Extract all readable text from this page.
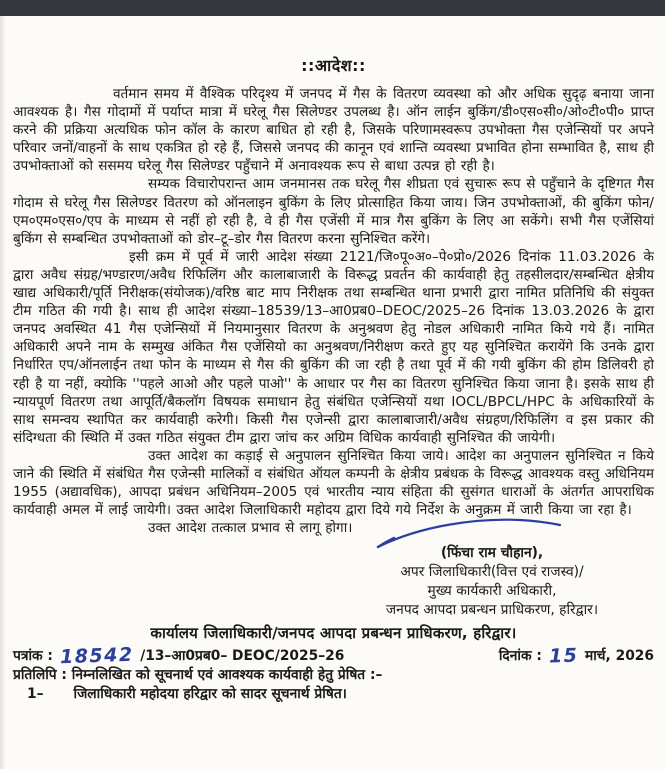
::आदेश::

वर्तमान समय में वैश्विक परिदृश्य में जनपद में गैस के वितरण व्यवस्था को और अधिक सुदृढ़ बनाया जाना आवश्यक है। गैस गोदामों में पर्याप्त मात्रा में घरेलू गैस सिलेण्डर उपलब्ध है। ऑन लाईन बुकिंग/डी०एस०सी०/ओ०टी०पी० प्राप्त करने की प्रक्रिया अत्यधिक फोन कॉल के कारण बाधित हो रही है, जिसके परिणामस्वरूप उपभोक्ता गैस एजेन्सियों पर अपने परिवार जनों/वाहनों के साथ एकत्रित हो रहे हैं, जिससे जनपद की कानून एवं शान्ति व्यवस्था प्रभावित होना सम्भावित है, साथ ही उपभोक्ताओं को ससमय घरेलू गैस सिलेण्डर पहुँचाने में अनावश्यक रूप से बाधा उत्पन्न हो रही है।

सम्यक विचारोपरान्त आम जनमानस तक घरेलू गैस शीघ्रता एवं सुचारू रूप से पहुँचाने के दृष्टिगत गैस गोदाम से घरेलू गैस सिलेण्डर वितरण को ऑनलाइन बुकिंग के लिए प्रोत्साहित किया जाय। जिन उपभोक्ताओं, की बुकिंग फोन/एम०एम०एस०/एप के माध्यम से नहीं हो रही है, वे ही गैस एजेंसी में मात्र गैस बुकिंग के लिए आ सकेंगे। सभी गैस एजेंसियां बुकिंग से सम्बन्धित उपभोक्ताओं को डोर–टू–डोर गैस वितरण करना सुनिश्चित करेंगे।

इसी क्रम में पूर्व में जारी आदेश संख्या 2121/जि०पू०अ०–पे०प्रो०/2026 दिनांक 11.03.2026 के द्वारा अवैध संग्रह/भण्डारण/अवैध रिफिलिंग और कालाबाजारी के विरूद्ध प्रवर्तन की कार्यवाही हेतु तहसीलदार/सम्बन्धित क्षेत्रीय खाद्य अधिकारी/पूर्ति निरीक्षक(संयोजक)/वरिष्ठ बाट माप निरीक्षक तथा सम्बन्धित थाना प्रभारी द्वारा नामित प्रतिनिधि की संयुक्त टीम गठित की गयी है। साथ ही आदेश संख्या–18539/13–आ0प्रब0–DEOC/2025–26 दिनांक 13.03.2026 के द्वारा जनपद अवस्थित 41 गैस एजेन्सियों में नियमानुसार वितरण के अनुश्रवण हेतु नोडल अधिकारी नामित किये गये हैं। नामित अधिकारी अपने नाम के सम्मुख अंकित गैस एजेंसियो का अनुश्रवण/निरीक्षण करते हुए यह सुनिश्चित करायेंगे कि उनके द्वारा निर्धारित एप/ऑनलाईन तथा फोन के माध्यम से गैस की बुकिंग की जा रही है तथा पूर्व में की गयी बुकिंग की होम डिलिवरी हो रही है या नहीं, क्योकि ''पहले आओ और पहले पाओ'' के आधार पर गैस का वितरण सुनिश्चित किया जाना है। इसके साथ ही न्यायपूर्ण वितरण तथा आपूर्ति/बैकलॉग विषयक समाधान हेतु संबंधित एजेन्सियों यथा IOCL/BPCL/HPC के अधिकारियों के साथ समन्वय स्थापित कर कार्यवाही करेगी। किसी गैस एजेन्सी द्वारा कालाबाजारी/अवैध संग्रहण/रिफिलिंग व इस प्रकार की संदिग्धता की स्थिति में उक्त गठित संयुक्त टीम द्वारा जांच कर अग्रिम विधिक कार्यवाही सुनिश्चित की जायेगी।

उक्त आदेश का कड़ाई से अनुपालन सुनिश्चित किया जाये। आदेश का अनुपालन सुनिश्चित न किये जाने की स्थिति में संबंधित गैस एजेन्सी मालिकों व संबंधित ऑयल कम्पनी के क्षेत्रीय प्रबंधक के विरूद्ध आवश्यक वस्तु अधिनियम 1955 (अद्यावधिक), आपदा प्रबंधन अधिनियम–2005 एवं भारतीय न्याय संहिता की सुसंगत धाराओं के अंतर्गत आपराधिक कार्यवाही अमल में लाई जायेगी। उक्त आदेश जिलाधिकारी महोदय द्वारा दिये गये निर्देश के अनुक्रम में जारी किया जा रहा है।

उक्त आदेश तत्काल प्रभाव से लागू होगा।

(फिंचा राम चौहान),
अपर जिलाधिकारी(वित्त एवं राजस्व)/
मुख्य कार्यकारी अधिकारी,
जनपद आपदा प्रबन्धन प्राधिकरण, हरिद्वार।
कार्यालय जिलाधिकारी/जनपद आपदा प्रबन्धन प्राधिकरण, हरिद्वार।
पत्रांक : 18542 /13–आ0प्रब0– DEOC/2025–26	दिनांक : 15 मार्च, 2026
प्रतिलिपि : निम्नलिखित को सूचनार्थ एवं आवश्यक कार्यवाही हेतु प्रेषित :–
1– जिलाधिकारी महोदया हरिद्वार को सादर सूचनार्थ प्रेषित।
